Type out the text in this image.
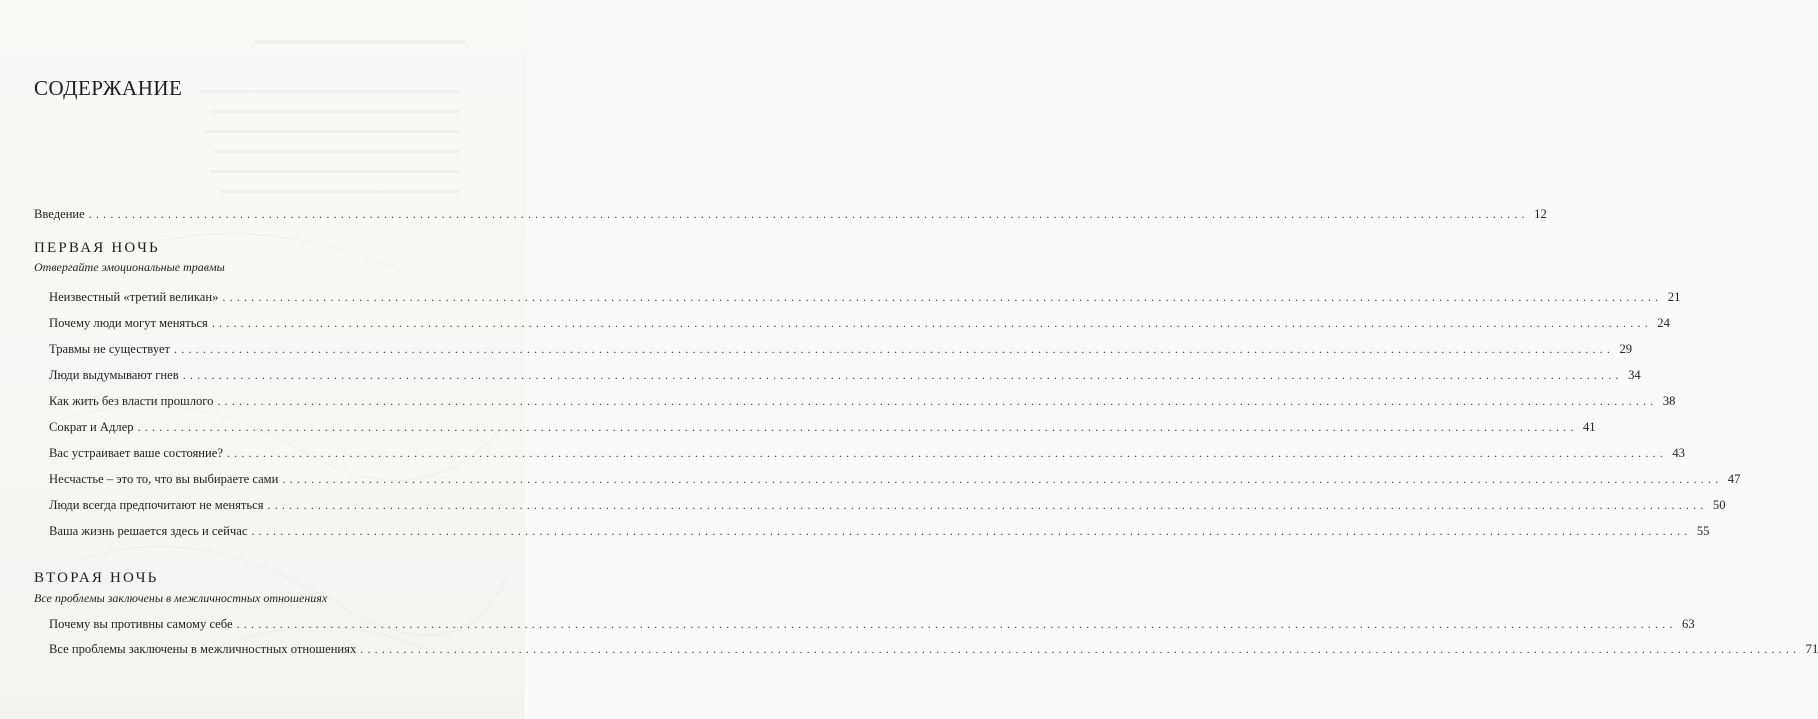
СОДЕРЖАНИЕ
Введение ........................................................................................................................................................................................................ 12
ПЕРВАЯ НОЧЬ
Отвергайте эмоциональные травмы
Неизвестный «третий великан» ........................................................................................................................................................................................................ 21
Почему люди могут меняться ........................................................................................................................................................................................................ 24
Травмы не существует ........................................................................................................................................................................................................ 29
Люди выдумывают гнев ........................................................................................................................................................................................................ 34
Как жить без власти прошлого ........................................................................................................................................................................................................ 38
Сократ и Адлер ........................................................................................................................................................................................................ 41
Вас устраивает ваше состояние? ........................................................................................................................................................................................................ 43
Несчастье – это то, что вы выбираете сами ........................................................................................................................................................................................................ 47
Люди всегда предпочитают не меняться ........................................................................................................................................................................................................ 50
Ваша жизнь решается здесь и сейчас ........................................................................................................................................................................................................ 55
ВТОРАЯ НОЧЬ
Все проблемы заключены в межличностных отношениях
Почему вы противны самому себе ........................................................................................................................................................................................................ 63
Все проблемы заключены в межличностных отношениях ........................................................................................................................................................................................................ 71
